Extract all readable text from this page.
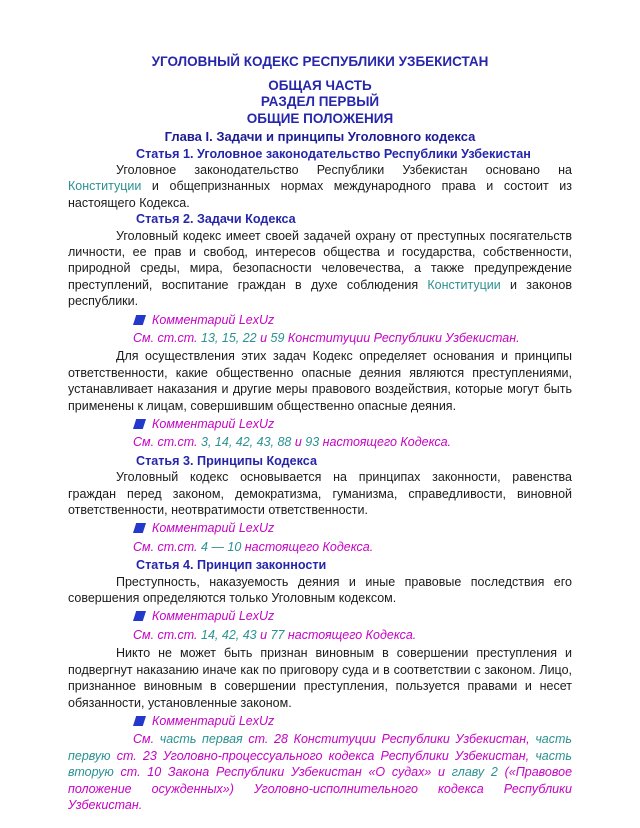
УГОЛОВНЫЙ КОДЕКС РЕСПУБЛИКИ УЗБЕКИСТАН

ОБЩАЯ ЧАСТЬ

РАЗДЕЛ ПЕРВЫЙ

ОБЩИЕ ПОЛОЖЕНИЯ

Глава I. Задачи и принципы Уголовного кодекса

Статья 1. Уголовное законодательство Республики Узбекистан

Уголовное законодательство Республики Узбекистан основано на Конституции и общепризнанных нормах международного права и состоит из настоящего Кодекса.

Статья 2. Задачи Кодекса

Уголовный кодекс имеет своей задачей охрану от преступных посягательств личности, ее прав и свобод, интересов общества и государства, собственности, природной среды, мира, безопасности человечества, а также предупреждение преступлений, воспитание граждан в духе соблюдения Конституции и законов республики.

Комментарий LexUz

См. ст.ст. 13, 15, 22 и 59 Конституции Республики Узбекистан.

Для осуществления этих задач Кодекс определяет основания и принципы ответственности, какие общественно опасные деяния являются преступлениями, устанавливает наказания и другие меры правового воздействия, которые могут быть применены к лицам, совершившим общественно опасные деяния.

Комментарий LexUz

См. ст.ст. 3, 14, 42, 43, 88 и 93 настоящего Кодекса.

Статья 3. Принципы Кодекса

Уголовный кодекс основывается на принципах законности, равенства граждан перед законом, демократизма, гуманизма, справедливости, виновной ответственности, неотвратимости ответственности.

Комментарий LexUz

См. ст.ст. 4 — 10 настоящего Кодекса.

Статья 4. Принцип законности

Преступность, наказуемость деяния и иные правовые последствия его совершения определяются только Уголовным кодексом.

Комментарий LexUz

См. ст.ст. 14, 42, 43 и 77 настоящего Кодекса.

Никто не может быть признан виновным в совершении преступления и подвергнут наказанию иначе как по приговору суда и в соответствии с законом. Лицо, признанное виновным в совершении преступления, пользуется правами и несет обязанности, установленные законом.

Комментарий LexUz

См. часть первая ст. 28 Конституции Республики Узбекистан, часть первую ст. 23 Уголовно-процессуального кодекса Республики Узбекистан, часть вторую ст. 10 Закона Республики Узбекистан «О судах» и главу 2 («Правовое положение осужденных») Уголовно-исполнительного кодекса Республики Узбекистан.
